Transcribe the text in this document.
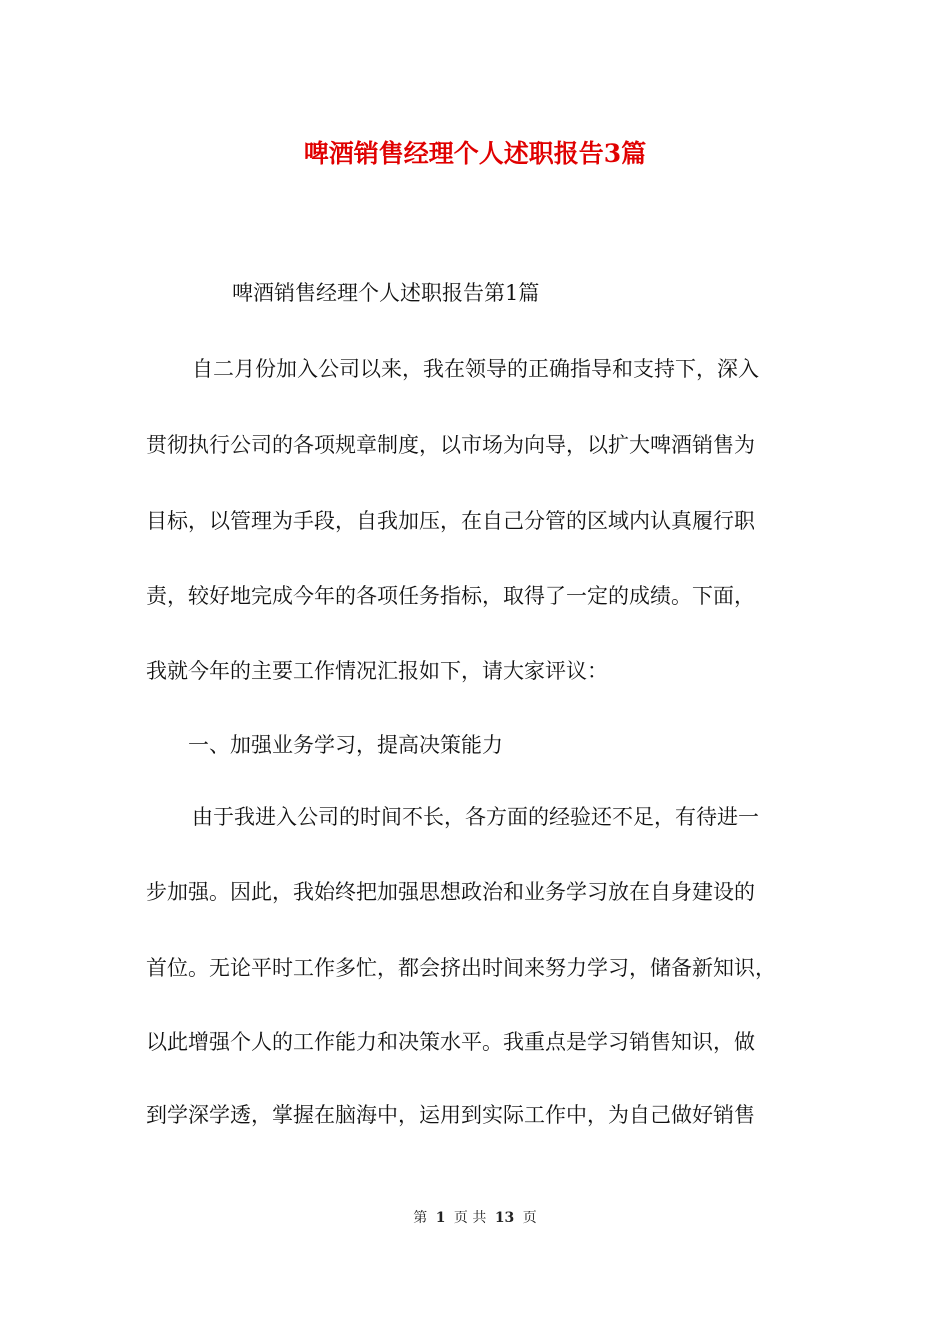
啤酒销售经理个人述职报告3篇
啤酒销售经理个人述职报告第1篇
自二月份加入公司以来，我在领导的正确指导和支持下，深入
贯彻执行公司的各项规章制度，以市场为向导，以扩大啤酒销售为
目标，以管理为手段，自我加压，在自己分管的区域内认真履行职
责，较好地完成今年的各项任务指标，取得了一定的成绩。下面，
我就今年的主要工作情况汇报如下，请大家评议：
一、加强业务学习，提高决策能力
由于我进入公司的时间不长，各方面的经验还不足，有待进一
步加强。因此，我始终把加强思想政治和业务学习放在自身建设的
首位。无论平时工作多忙，都会挤出时间来努力学习，储备新知识，
以此增强个人的工作能力和决策水平。我重点是学习销售知识，做
到学深学透，掌握在脑海中，运用到实际工作中，为自己做好销售
第 1 页 共 13 页
